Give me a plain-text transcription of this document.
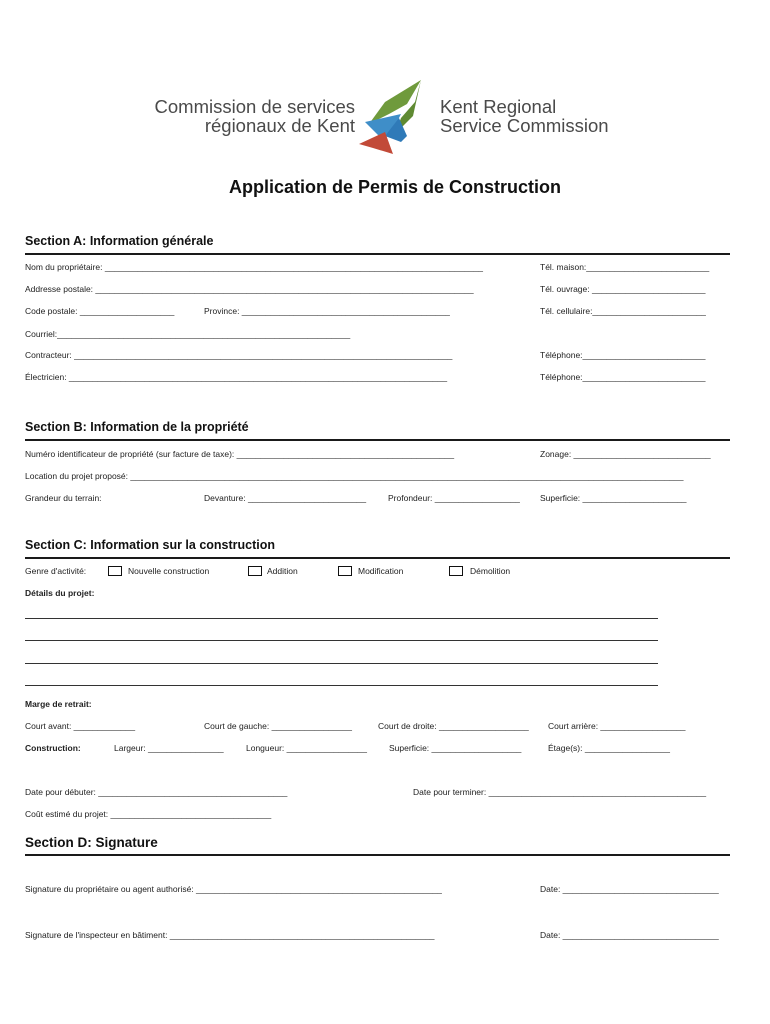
Commission de services
régionaux de Kent
Kent Regional
Service Commission
Application de Permis de Construction
Section A: Information générale
Nom du propriétaire: ________________________________________________________________________________	Tél. maison:__________________________
Addresse postale: ________________________________________________________________________________	Tél. ouvrage: ________________________
Code postale: ____________________	Province: ____________________________________________	Tél. cellulaire:________________________
Courriel:______________________________________________________________
Contracteur: ________________________________________________________________________________	Téléphone:__________________________
Électricien: ________________________________________________________________________________	Téléphone:__________________________
Section B: Information de la propriété
Numéro identificateur de propriété (sur facture de taxe): ______________________________________________	Zonage: _____________________________
Location du projet proposé: _____________________________________________________________________________________________________________________
Grandeur du terrain:	Devanture: _________________________	Profondeur: __________________	Superficie: ______________________
Section C: Information sur la construction
Genre d'activité:	Nouvelle construction	Addition	Modification	Démolition
Détails du projet:
Marge de retrait:
Court avant: _____________	Court de gauche: _________________	Court de droite: ___________________	Court arrière: __________________
Construction:	Largeur: ________________	Longueur: _________________	Superficie: ___________________	Étage(s): __________________
Date pour débuter: ________________________________________	Date pour terminer: ______________________________________________
Coût estimé du projet: __________________________________
Section D: Signature
Signature du propriétaire ou agent authorisé: ____________________________________________________	Date: _________________________________
Signature de l'inspecteur en bâtiment: ________________________________________________________	Date: _________________________________
